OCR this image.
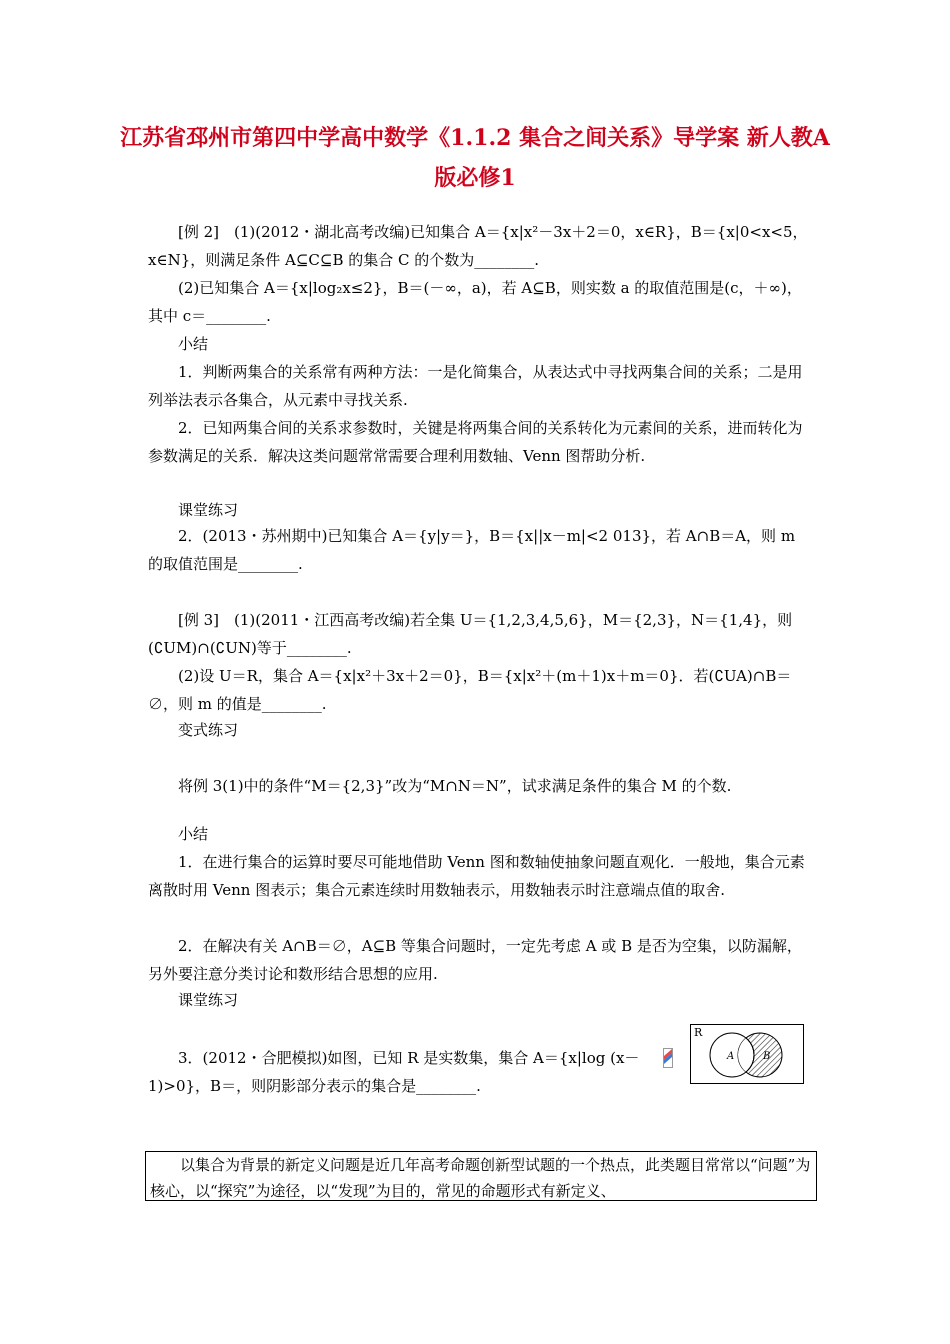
江苏省邳州市第四中学高中数学《1.1.2 集合之间关系》导学案 新人教A版必修1

[例 2]　(1)(2012・湖北高考改编)已知集合 A＝{x|x²－3x＋2＝0，x∈R}，B＝{x|0<x<5，x∈N}，则满足条件 A⊆C⊆B 的集合 C 的个数为________.

(2)已知集合 A＝{x|log₂x≤2}，B＝(－∞，a)，若 A⊆B，则实数 a 的取值范围是(c，＋∞)，其中 c＝________.

小结

1．判断两集合的关系常有两种方法：一是化简集合，从表达式中寻找两集合间的关系；二是用列举法表示各集合，从元素中寻找关系.

2．已知两集合间的关系求参数时，关键是将两集合间的关系转化为元素间的关系，进而转化为参数满足的关系．解决这类问题常常需要合理利用数轴、Venn 图帮助分析.

课堂练习

2．(2013・苏州期中)已知集合 A＝{y|y＝}，B＝{x||x－m|<2 013}，若 A∩B＝A，则 m 的取值范围是________.

[例 3]　(1)(2011・江西高考改编)若全集 U＝{1,2,3,4,5,6}，M＝{2,3}，N＝{1,4}，则(∁UM)∩(∁UN)等于________.

(2)设 U＝R，集合 A＝{x|x²＋3x＋2＝0}，B＝{x|x²＋(m＋1)x＋m＝0}．若(∁UA)∩B＝∅，则 m 的值是________.

变式练习

将例 3(1)中的条件“M＝{2,3}”改为“M∩N＝N”，试求满足条件的集合 M 的个数.

小结

1．在进行集合的运算时要尽可能地借助 Venn 图和数轴使抽象问题直观化．一般地，集合元素离散时用 Venn 图表示；集合元素连续时用数轴表示，用数轴表示时注意端点值的取舍.

2．在解决有关 A∩B＝∅，A⊆B 等集合问题时，一定先考虑 A 或 B 是否为空集，以防漏解，另外要注意分类讨论和数形结合思想的应用.

课堂练习

3．(2012・合肥模拟)如图，已知 R 是实数集，集合 A＝{x|log (x－1)>0}，B＝，则阴影部分表示的集合是________.

R
A	B
以集合为背景的新定义问题是近几年高考命题创新型试题的一个热点，此类题目常常以“问题”为核心，以“探究”为途径，以“发现”为目的，常见的命题形式有新定义、
